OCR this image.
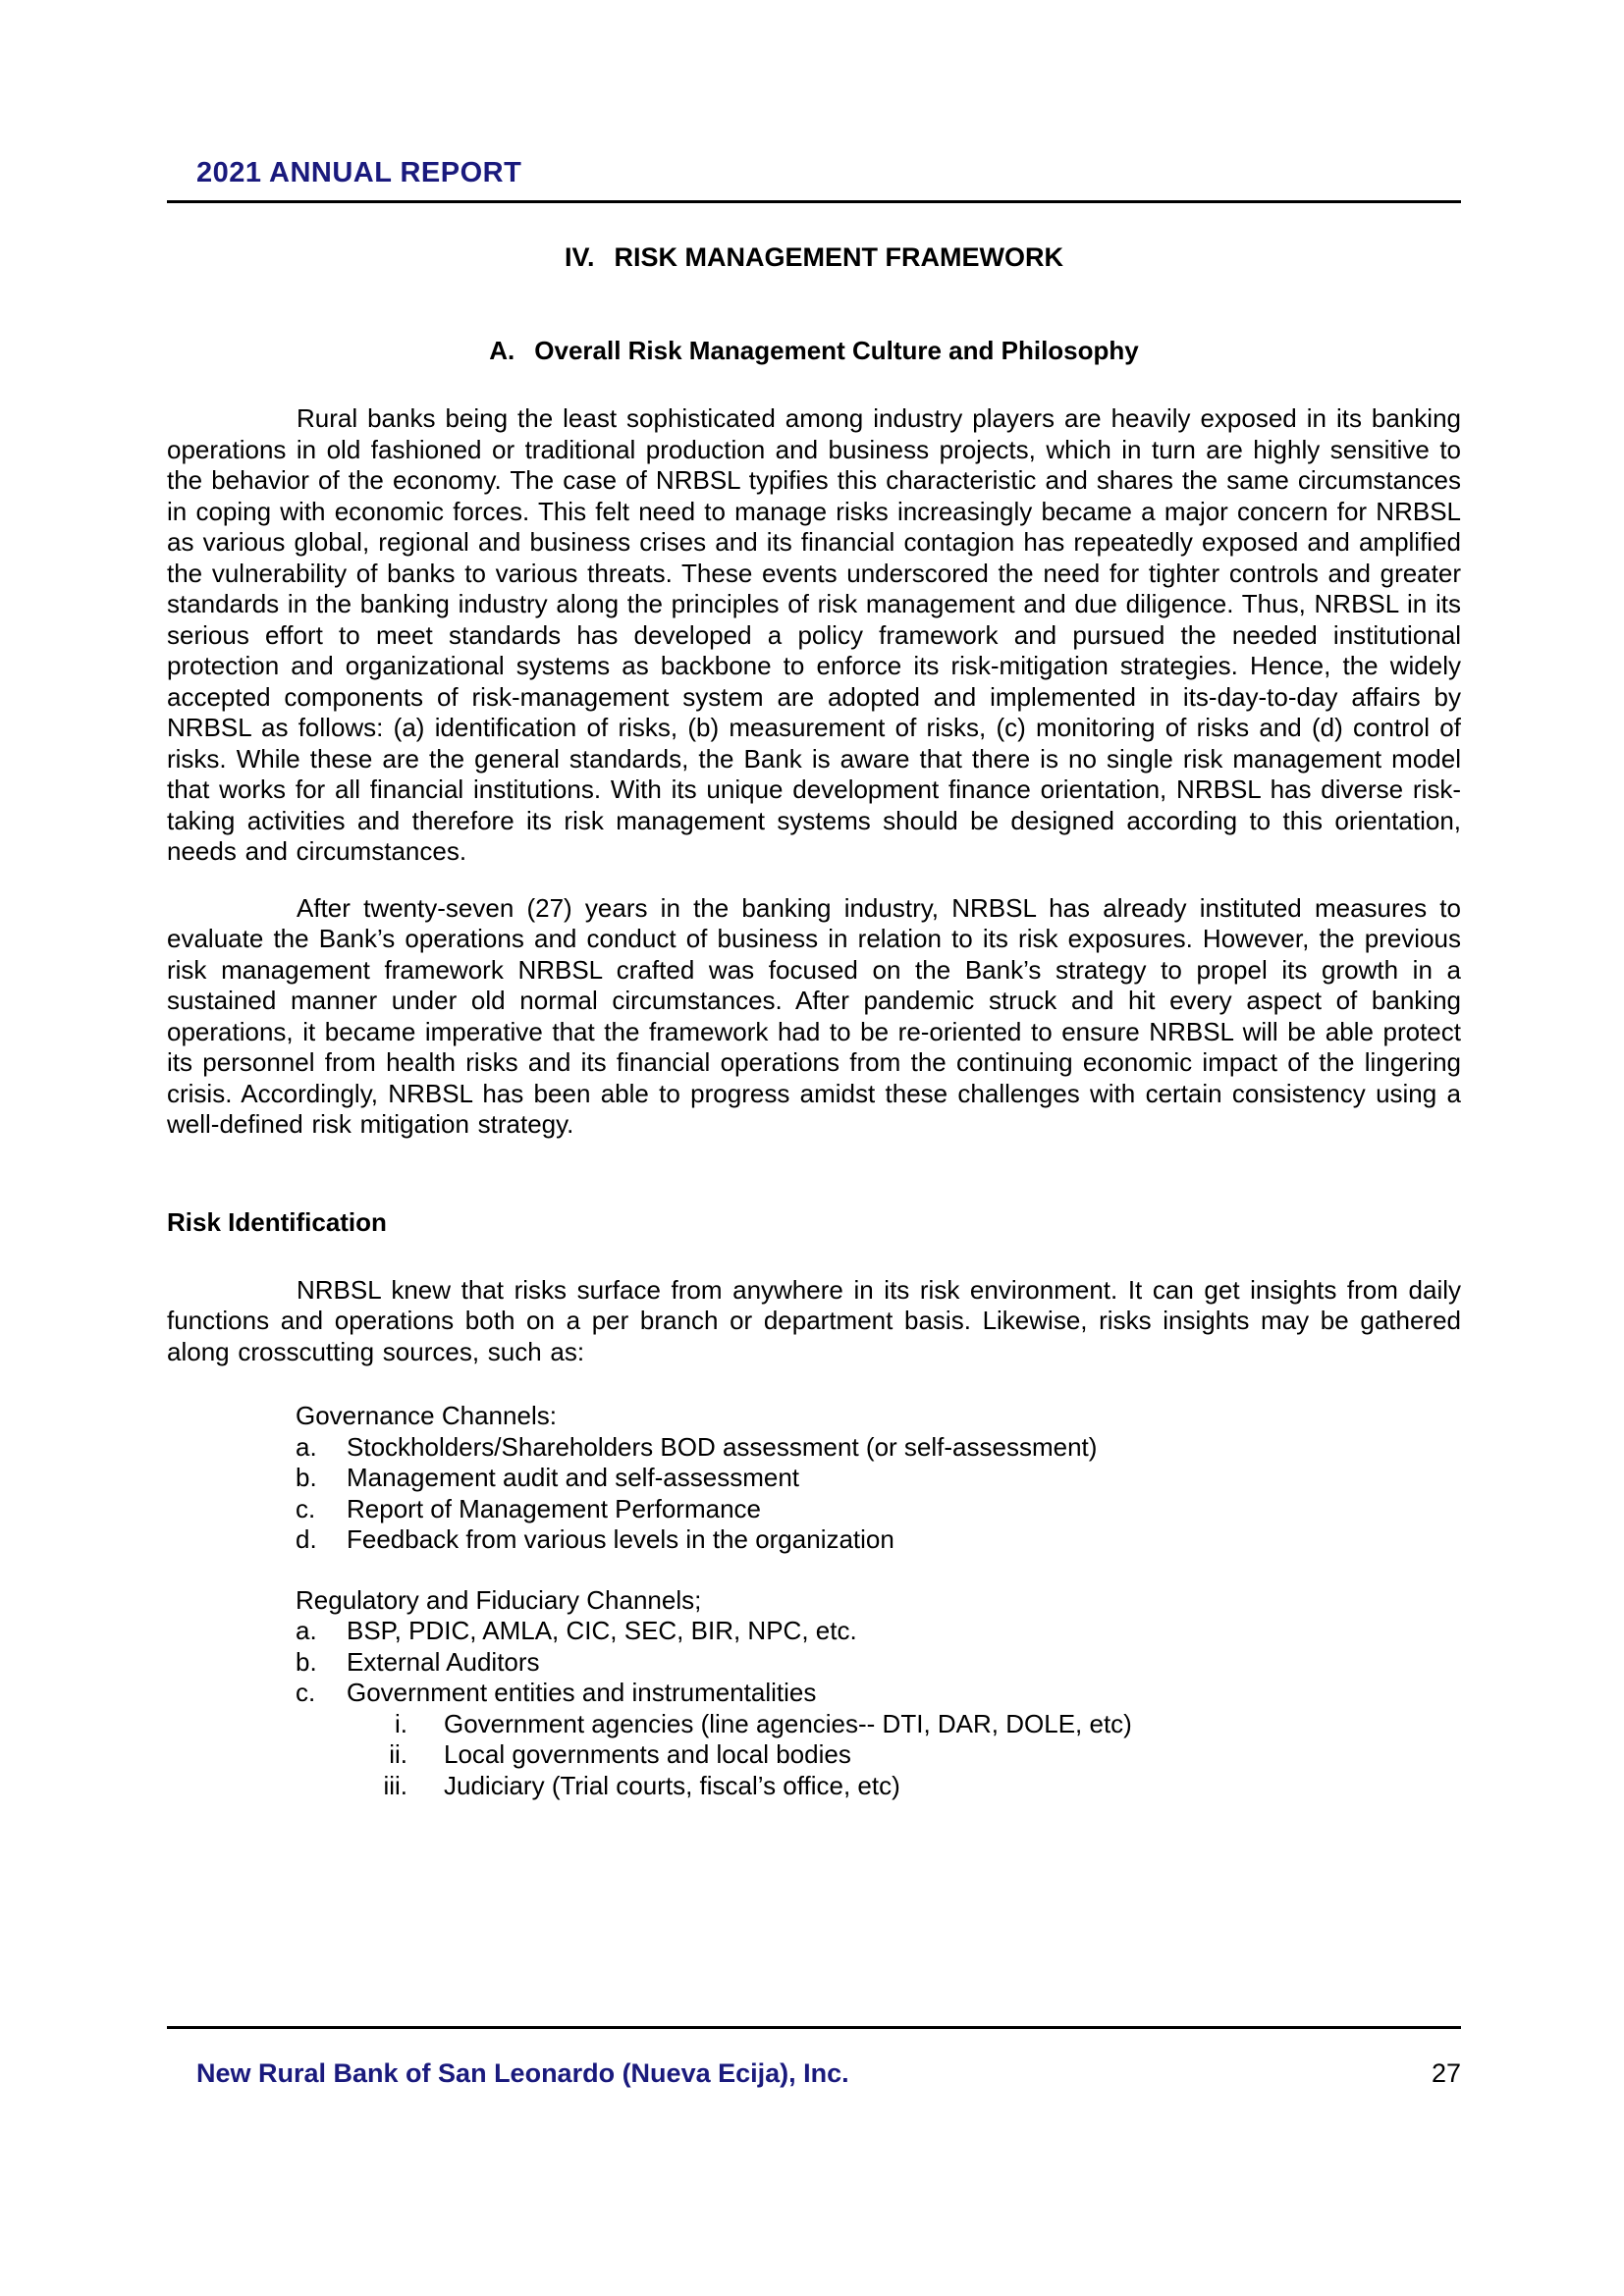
2021 ANNUAL REPORT
IV. RISK MANAGEMENT FRAMEWORK
A. Overall Risk Management Culture and Philosophy

Rural banks being the least sophisticated among industry players are heavily exposed in its banking operations in old fashioned or traditional production and business projects, which in turn are highly sensitive to the behavior of the economy. The case of NRBSL typifies this characteristic and shares the same circumstances in coping with economic forces. This felt need to manage risks increasingly became a major concern for NRBSL as various global, regional and business crises and its financial contagion has repeatedly exposed and amplified the vulnerability of banks to various threats. These events underscored the need for tighter controls and greater standards in the banking industry along the principles of risk management and due diligence. Thus, NRBSL in its serious effort to meet standards has developed a policy framework and pursued the needed institutional protection and organizational systems as backbone to enforce its risk-mitigation strategies. Hence, the widely accepted components of risk-management system are adopted and implemented in its-day-to-day affairs by NRBSL as follows: (a) identification of risks, (b) measurement of risks, (c) monitoring of risks and (d) control of risks. While these are the general standards, the Bank is aware that there is no single risk management model that works for all financial institutions. With its unique development finance orientation, NRBSL has diverse risk-taking activities and therefore its risk management systems should be designed according to this orientation, needs and circumstances.

After twenty-seven (27) years in the banking industry, NRBSL has already instituted measures to evaluate the Bank’s operations and conduct of business in relation to its risk exposures. However, the previous risk management framework NRBSL crafted was focused on the Bank’s strategy to propel its growth in a sustained manner under old normal circumstances. After pandemic struck and hit every aspect of banking operations, it became imperative that the framework had to be re-oriented to ensure NRBSL will be able protect its personnel from health risks and its financial operations from the continuing economic impact of the lingering crisis. Accordingly, NRBSL has been able to progress amidst these challenges with certain consistency using a well-defined risk mitigation strategy.

Risk Identification

NRBSL knew that risks surface from anywhere in its risk environment. It can get insights from daily functions and operations both on a per branch or department basis. Likewise, risks insights may be gathered along crosscutting sources, such as:

Governance Channels:
a.	Stockholders/Shareholders BOD assessment (or self-assessment)
b.	Management audit and self-assessment
c.	Report of Management Performance
d.	Feedback from various levels in the organization
Regulatory and Fiduciary Channels;
a.	BSP, PDIC, AMLA, CIC, SEC, BIR, NPC, etc.
b.	External Auditors
c.	Government entities and instrumentalities
i. Government agencies (line agencies-- DTI, DAR, DOLE, etc)
ii. Local governments and local bodies
iii. Judiciary (Trial courts, fiscal’s office, etc)
New Rural Bank of San Leonardo (Nueva Ecija), Inc.	27
